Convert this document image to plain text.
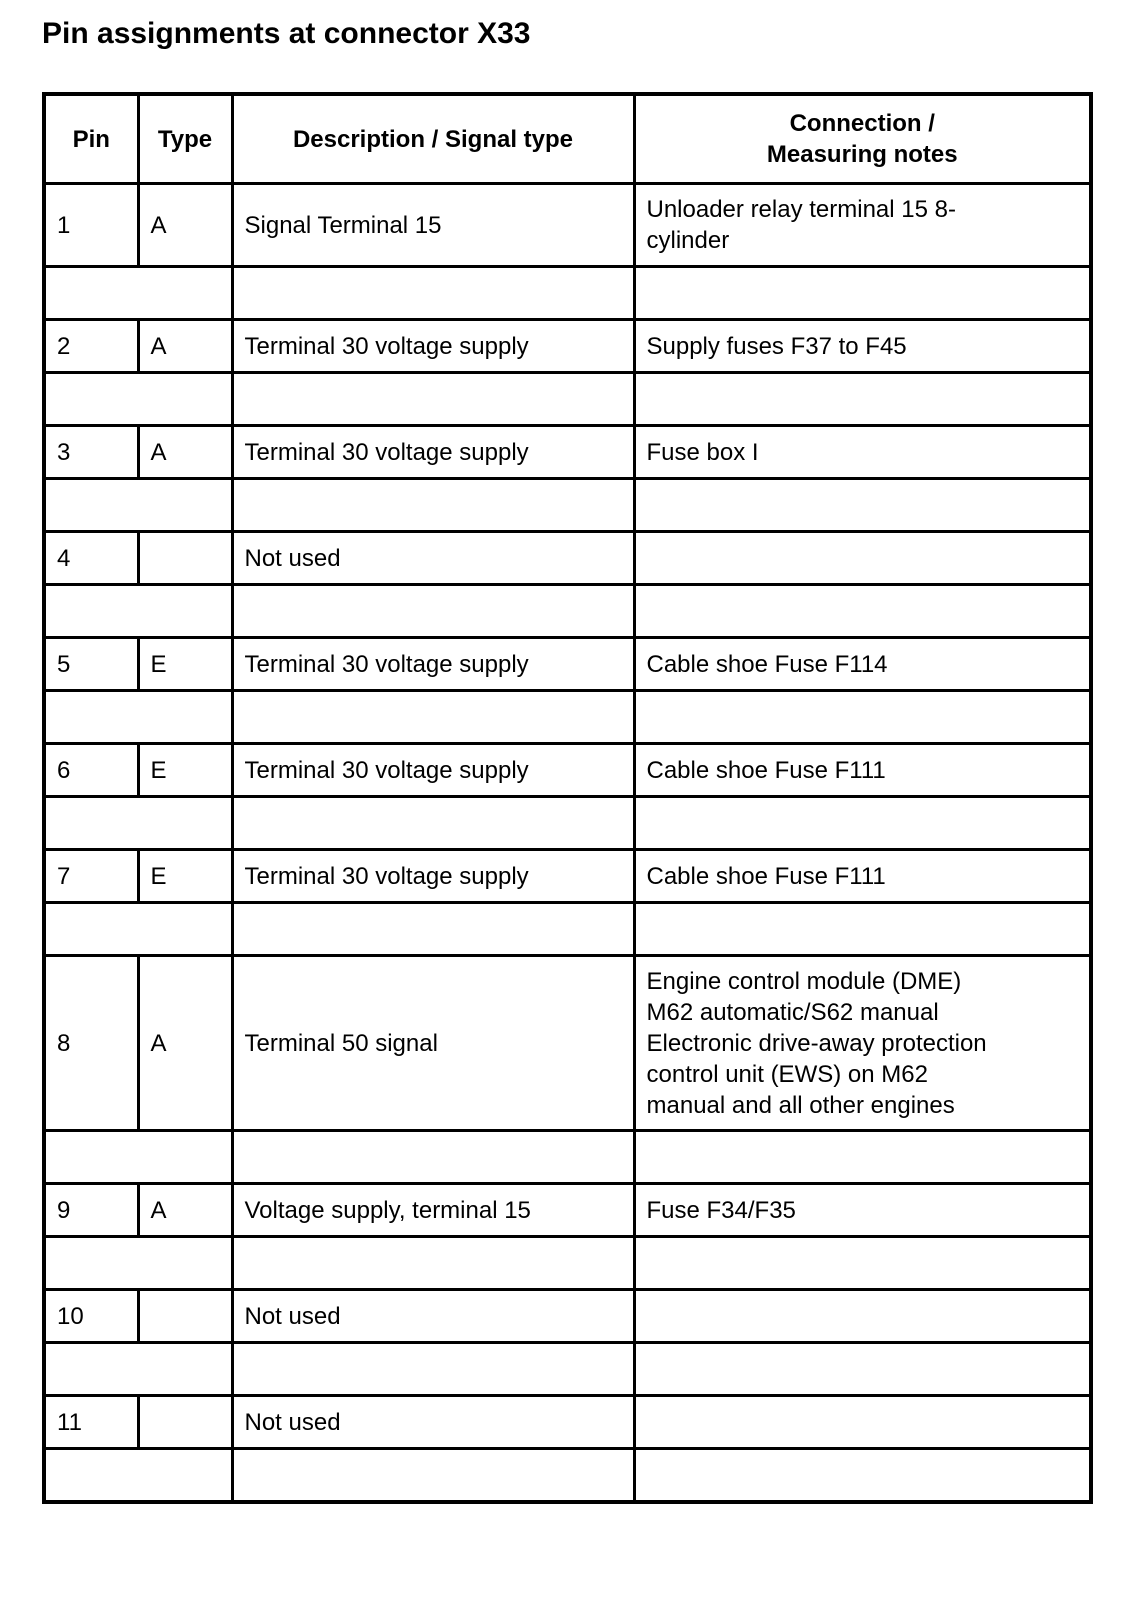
Pin assignments at connector X33
Pin	Type	Description / Signal type	Connection /
Measuring notes
1	A	Signal Terminal 15	Unloader relay terminal 15 8-
cylinder

2	A	Terminal 30 voltage supply	Supply fuses F37 to F45

3	A	Terminal 30 voltage supply	Fuse box I

4		Not used	

5	E	Terminal 30 voltage supply	Cable shoe Fuse F114

6	E	Terminal 30 voltage supply	Cable shoe Fuse F111

7	E	Terminal 30 voltage supply	Cable shoe Fuse F111

8	A	Terminal 50 signal	Engine control module (DME)
M62 automatic/S62 manual
Electronic drive-away protection
control unit (EWS) on M62
manual and all other engines

9	A	Voltage supply, terminal 15	Fuse F34/F35

10		Not used	

11		Not used	
